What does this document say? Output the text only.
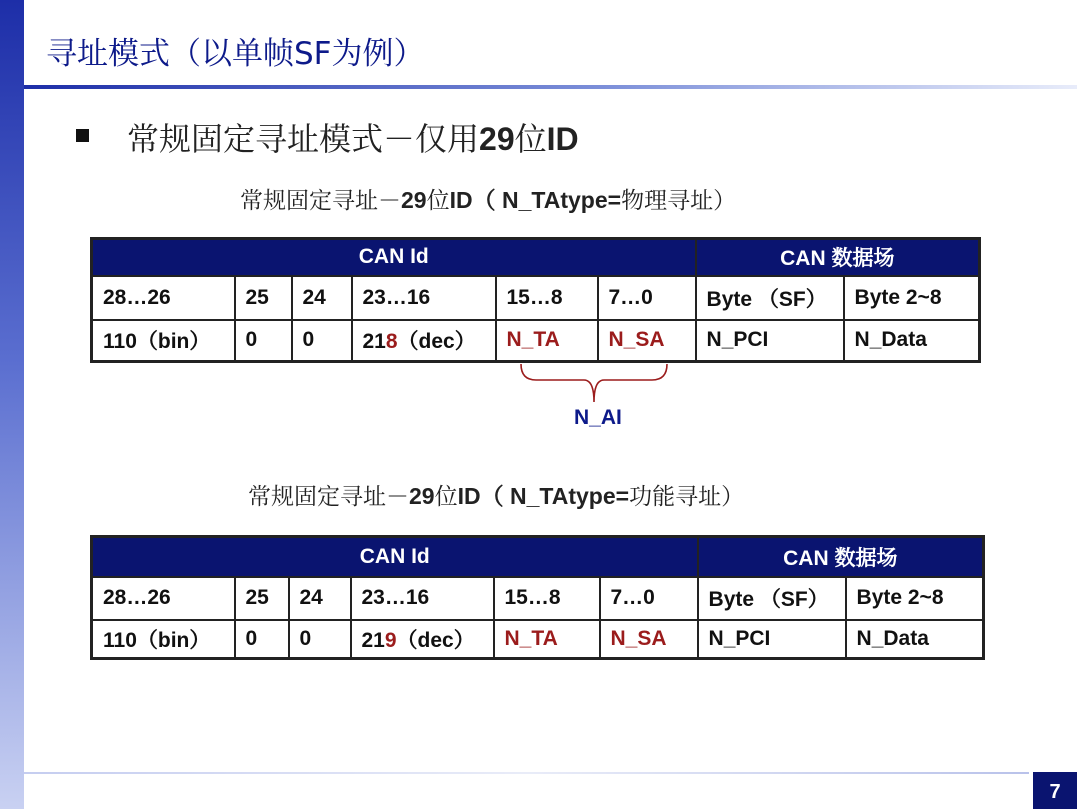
寻址模式（以单帧SF为例）
常规固定寻址模式－仅用29位ID
常规固定寻址－29位ID（ N_TAtype=物理寻址）
CAN Id						CAN 数据场	
28…26	25	24	23…16	15…8	7…0	Byte （SF）	Byte 2~8
110（bin）	0	0	218（dec）	N_TA	N_SA	N_PCI	N_Data
N_AI
常规固定寻址－29位ID（ N_TAtype=功能寻址）
CAN Id						CAN 数据场	
28…26	25	24	23…16	15…8	7…0	Byte （SF）	Byte 2~8
110（bin）	0	0	219（dec）	N_TA	N_SA	N_PCI	N_Data
7
